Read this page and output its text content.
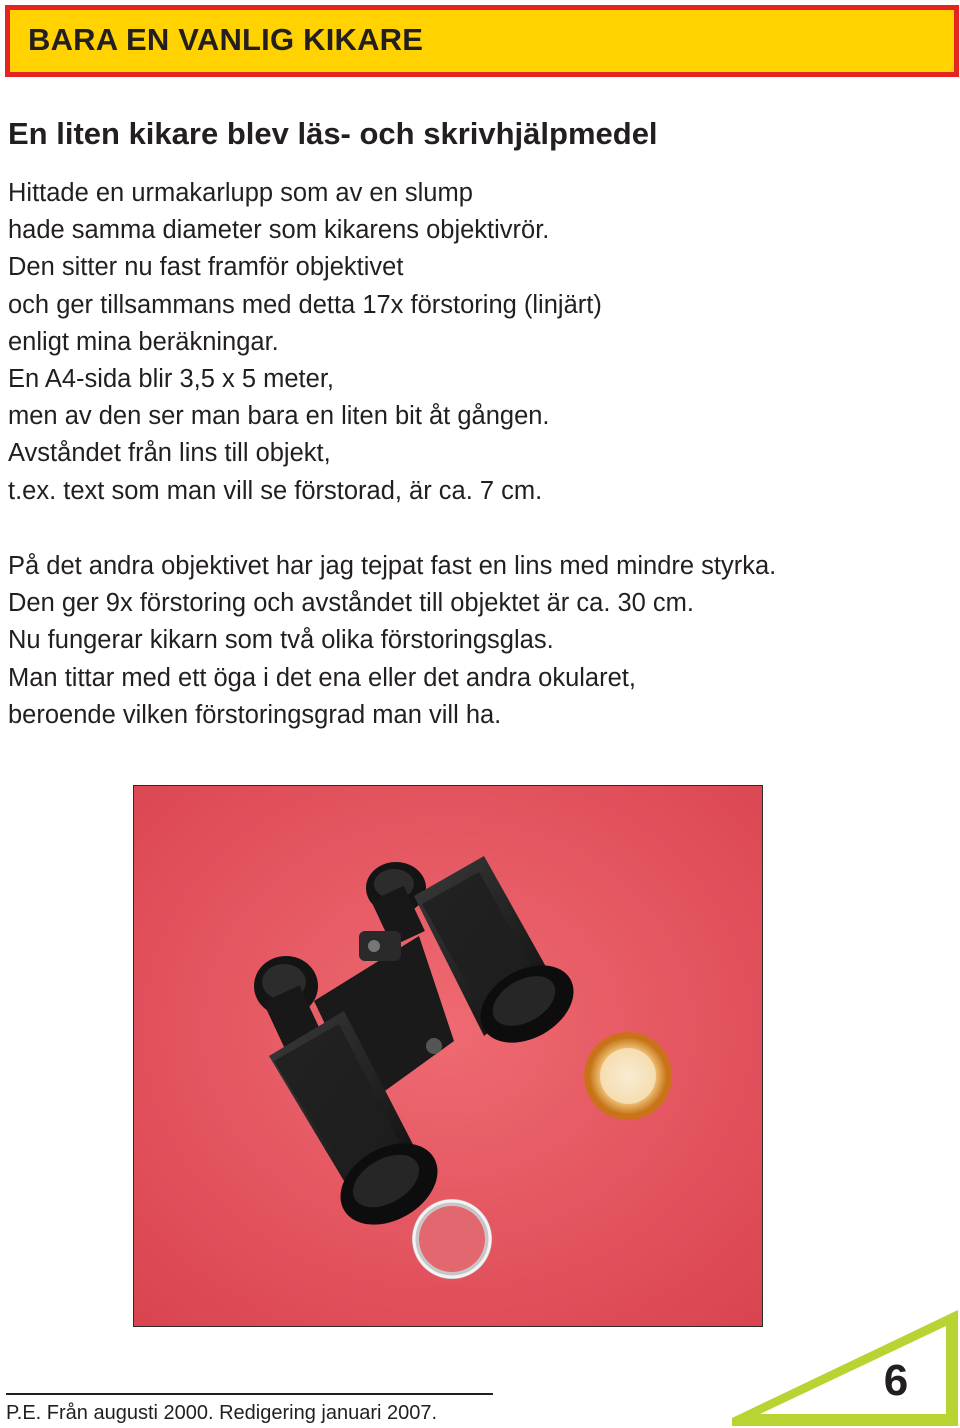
BARA EN VANLIG KIKARE
En liten kikare blev läs- och skrivhjälpmedel

Hittade en urmakarlupp som av en slump
hade samma diameter som kikarens objektivrör.
Den sitter nu fast framför objektivet
och ger tillsammans med detta 17x förstoring (linjärt)
enligt mina beräkningar.
En A4-sida blir 3,5 x 5 meter,
men av den ser man bara en liten bit åt gången.
Avståndet från lins till objekt,
t.ex. text som man vill se förstorad, är ca. 7 cm.

På det andra objektivet har jag tejpat fast en lins med mindre styrka.
Den ger 9x förstoring och avståndet till objektet är ca. 30 cm.
Nu fungerar kikarn som två olika förstoringsglas.
Man tittar med ett öga i det ena eller det andra okularet,
beroende vilken förstoringsgrad man vill ha.

P.E. Från augusti 2000. Redigering januari 2007.

6
